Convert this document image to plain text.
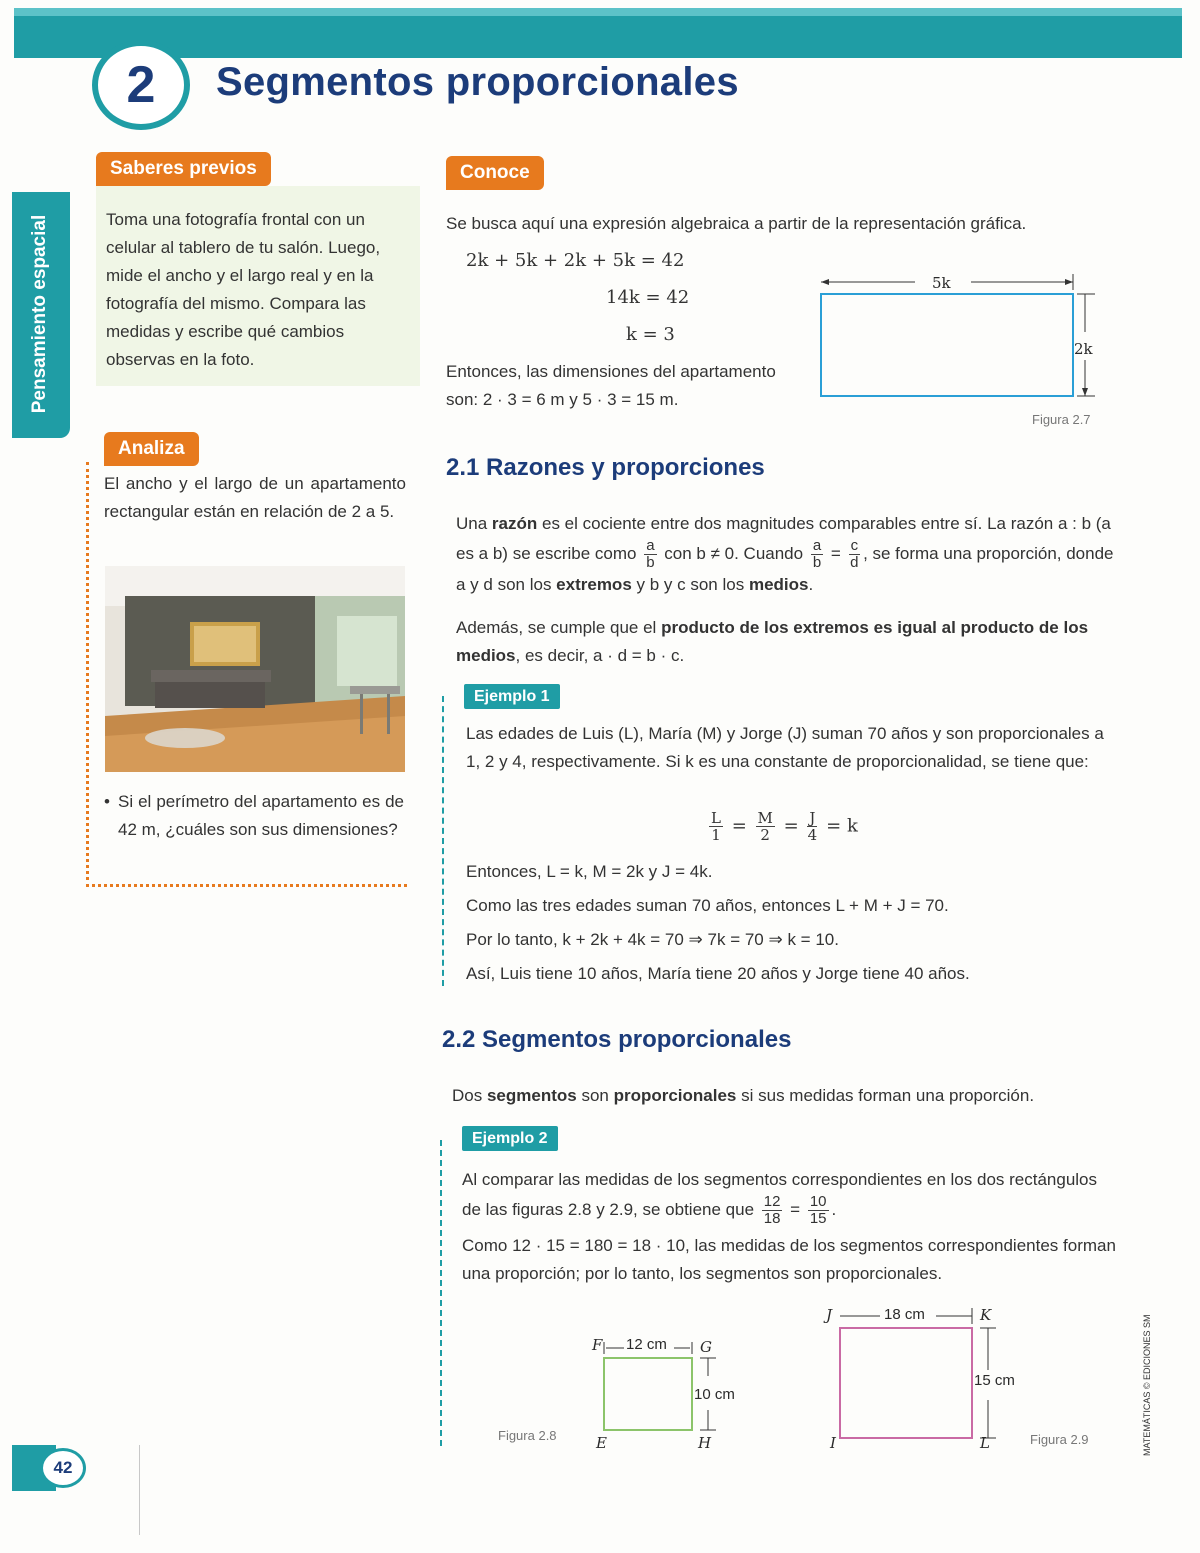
2	Segmentos proporcionales
Pensamiento espacial
Saberes previos
Toma una fotografía frontal con un celular al tablero de tu salón. Luego, mide el ancho y el largo real y en la fotografía del mismo. Compara las medidas y escribe qué cambios observas en la foto.
Analiza
El ancho y el largo de un apartamento rectangular están en relación de 2 a 5.
• Si el perímetro del apartamento es de 42 m, ¿cuáles son sus dimensiones?
Conoce
Se busca aquí una expresión algebraica a partir de la representación gráfica.
2k + 5k + 2k + 5k = 42
14k = 42
k = 3
Entonces, las dimensiones del apartamento son: 2 · 3 = 6 m y 5 · 3 = 15 m.
5k
2k
Figura 2.7
2.1 Razones y proporciones
Una razón es el cociente entre dos magnitudes comparables entre sí. La razón a : b (a es a b) se escribe como $\frac{a}{b}$ con b ≠ 0. Cuando $\frac{a}{b} = \frac{c}{d}$ , se forma una proporción, donde a y d son los extremos y b y c son los medios.
Además, se cumple que el producto de los extremos es igual al producto de los medios, es decir, a · d = b · c.
Ejemplo 1
Las edades de Luis (L), María (M) y Jorge (J) suman 70 años y son proporcionales a 1, 2 y 4, respectivamente. Si k es una constante de proporcionalidad, se tiene que:
$\frac{L}{1} = \frac{M}{2} = \frac{J}{4} = k$
Entonces, L = k, M = 2k y J = 4k.
Como las tres edades suman 70 años, entonces L + M + J = 70.
Por lo tanto, k + 2k + 4k = 70 ⇒ 7k = 70 ⇒ k = 10.
Así, Luis tiene 10 años, María tiene 20 años y Jorge tiene 40 años.
2.2 Segmentos proporcionales
Dos segmentos son proporcionales si sus medidas forman una proporción.
Ejemplo 2
Al comparar las medidas de los segmentos correspondientes en los dos rectángulos de las figuras 2.8 y 2.9, se obtiene que $\frac{12}{18} = \frac{10}{15}$ .
Como 12 · 15 = 180 = 18 · 10, las medidas de los segmentos correspondientes forman una proporción; por lo tanto, los segmentos son proporcionales.
F	G
E	H
12 cm
10 cm
Figura 2.8
J	K
I	L
18 cm
15 cm
Figura 2.9	MATEMÁTICAS © EDICIONES SM
42
